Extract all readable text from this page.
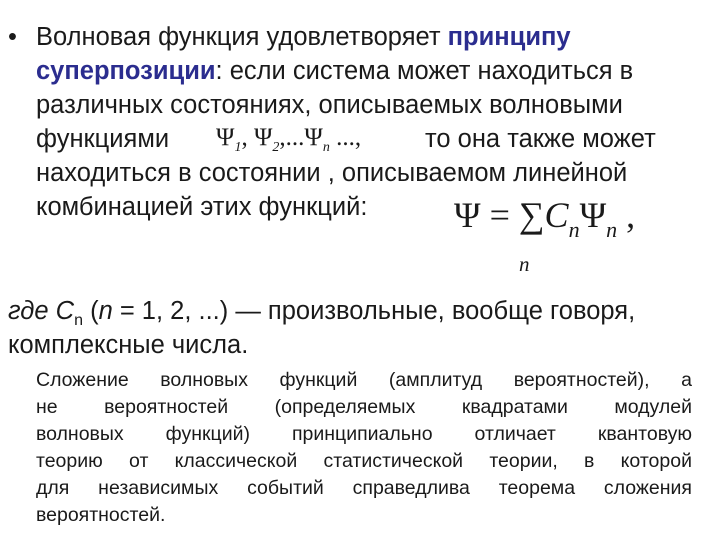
• Волновая функция удовлетворяет принципу
суперпозиции: если система может находиться в
различных состояниях, описываемых волновыми
функциями $\Psi_1$, $\Psi_2,...\Psi_n$ ...,	то она также может
находиться в состоянии , описываемом линейной
комбинацией этих функций: $\Psi = \sum C_n\Psi_n$ ,
n
где $C_n$ (n = 1, 2, ...) — произвольные, вообще говоря,
комплексные числа.
Сложение волновых функций (амплитуд вероятностей), а
не вероятностей (определяемых квадратами модулей
волновых функций) принципиально отличает квантовую
теорию от классической статистической теории, в которой
для независимых событий справедлива теорема сложения
вероятностей.
